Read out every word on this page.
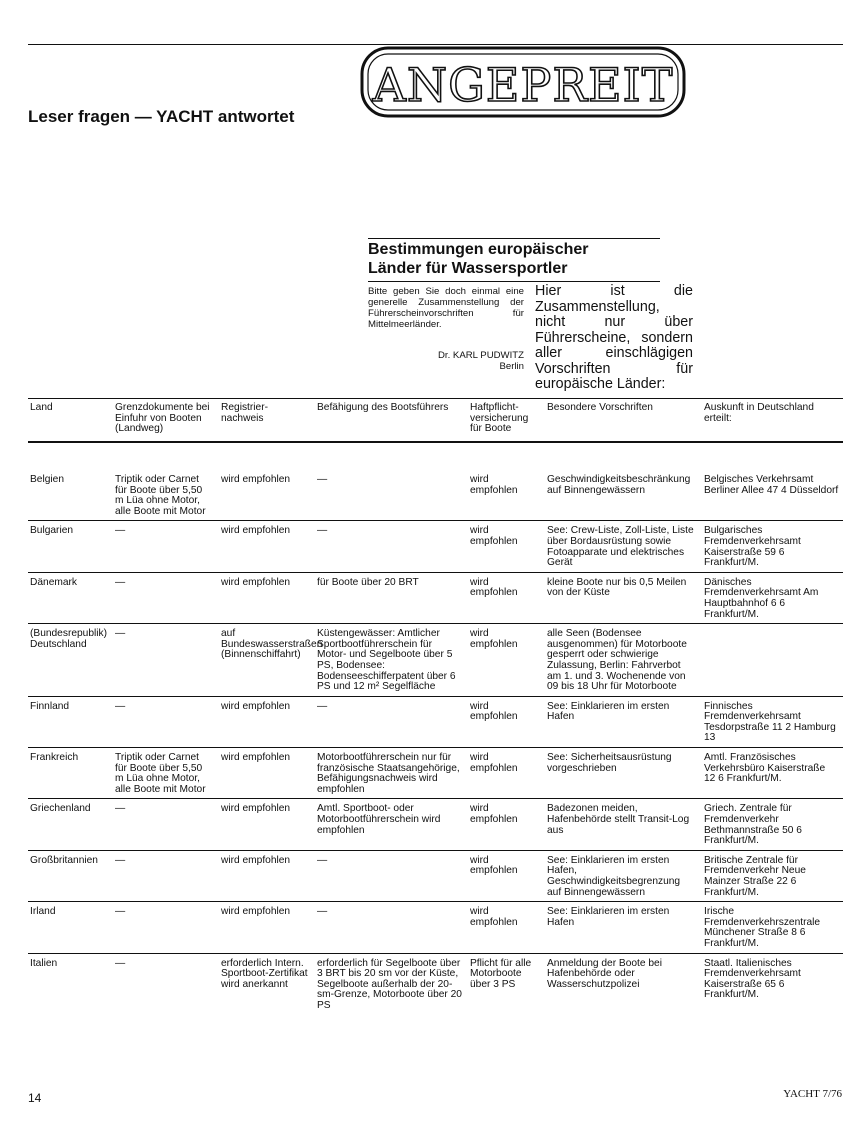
Leser fragen — YACHT antwortet
ANGEPREIT
Bestimmungen europäischer
Länder für Wassersportler
Bitte geben Sie doch einmal eine generelle Zusammenstellung der Führerscheinvorschriften für Mittelmeerländer.
Dr. KARL PUDWITZ
Berlin
Hier ist die Zusammenstellung, nicht nur über Führerscheine, sondern aller einschlägigen Vorschriften für europäische Länder:
Land	Grenzdokumente bei Einfuhr von Booten (Landweg)	Registrier-nachweis	Befähigung des Bootsführers	Haftpflicht-versicherung für Boote	Besondere Vorschriften	Auskunft in Deutschland erteilt:
Belgien	Triptik oder Carnet für Boote über 5,50 m Lüa ohne Motor, alle Boote mit Motor	wird empfohlen	—	wird empfohlen	Geschwindigkeitsbeschränkung auf Binnengewässern	Belgisches Verkehrsamt Berliner Allee 47 4 Düsseldorf
Bulgarien	—	wird empfohlen	—	wird empfohlen	See: Crew-Liste, Zoll-Liste, Liste über Bordausrüstung sowie Fotoapparate und elektrisches Gerät	Bulgarisches Fremdenverkehrsamt Kaiserstraße 59 6 Frankfurt/M.
Dänemark	—	wird empfohlen	für Boote über 20 BRT	wird empfohlen	kleine Boote nur bis 0,5 Meilen von der Küste	Dänisches Fremdenverkehrsamt Am Hauptbahnhof 6 6 Frankfurt/M.
(Bundesrepublik) Deutschland	—	auf Bundeswasserstraßen (Binnenschiffahrt)	Küstengewässer: Amtlicher Sportbootführerschein für Motor- und Segelboote über 5 PS, Bodensee: Bodenseeschifferpatent über 6 PS und 12 m² Segelfläche	wird empfohlen	alle Seen (Bodensee ausgenommen) für Motorboote gesperrt oder schwierige Zulassung, Berlin: Fahrverbot am 1. und 3. Wochenende von 09 bis 18 Uhr für Motorboote	
Finnland	—	wird empfohlen	—	wird empfohlen	See: Einklarieren im ersten Hafen	Finnisches Fremdenverkehrsamt Tesdorpstraße 11 2 Hamburg 13
Frankreich	Triptik oder Carnet für Boote über 5,50 m Lüa ohne Motor, alle Boote mit Motor	wird empfohlen	Motorbootführerschein nur für französische Staatsangehörige, Befähigungsnachweis wird empfohlen	wird empfohlen	See: Sicherheitsausrüstung vorgeschrieben	Amtl. Französisches Verkehrsbüro Kaiserstraße 12 6 Frankfurt/M.
Griechenland	—	wird empfohlen	Amtl. Sportboot- oder Motorbootführerschein wird empfohlen	wird empfohlen	Badezonen meiden, Hafenbehörde stellt Transit-Log aus	Griech. Zentrale für Fremdenverkehr Bethmannstraße 50 6 Frankfurt/M.
Großbritannien	—	wird empfohlen	—	wird empfohlen	See: Einklarieren im ersten Hafen, Geschwindigkeitsbegrenzung auf Binnengewässern	Britische Zentrale für Fremdenverkehr Neue Mainzer Straße 22 6 Frankfurt/M.
Irland	—	wird empfohlen	—	wird empfohlen	See: Einklarieren im ersten Hafen	Irische Fremdenverkehrszentrale Münchener Straße 8 6 Frankfurt/M.
Italien	—	erforderlich Intern. Sportboot-Zertifikat wird anerkannt	erforderlich für Segelboote über 3 BRT bis 20 sm vor der Küste, Segelboote außerhalb der 20-sm-Grenze, Motorboote über 20 PS	Pflicht für alle Motorboote über 3 PS	Anmeldung der Boote bei Hafenbehörde oder Wasserschutzpolizei	Staatl. Italienisches Fremdenverkehrsamt Kaiserstraße 65 6 Frankfurt/M.
14	YACHT 7/76
